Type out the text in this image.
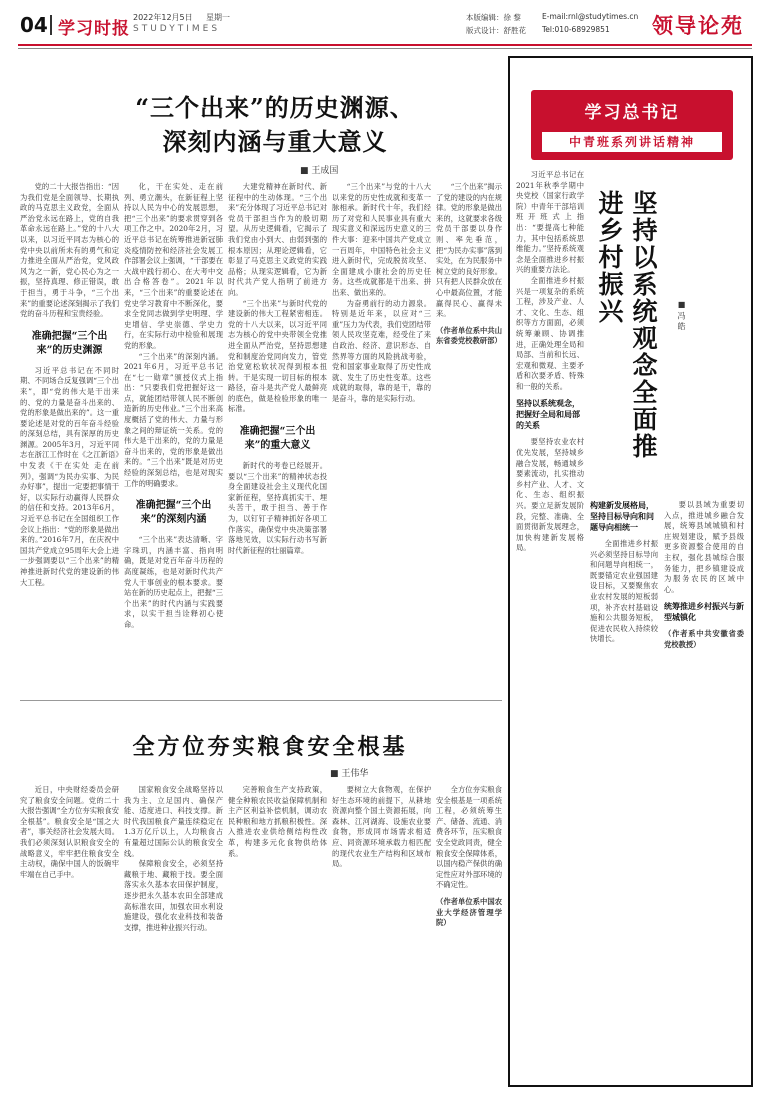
04 学习时报
2022年12月5日 星期一
STUDYTIMES
本版编辑：徐 黎
版式设计：舒胜花
E-mail:rnl@studytimes.cn
Tel:010-68929851 领导论苑
“三个出来”的历史渊源、
深刻内涵与重大意义
■ 王成国

党的二十大报告指出：“因为我们党是全面领导、长期执政的马克思主义政党，全面从严治党永远在路上，党的自我革命永远在路上。”党的十八大以来，以习近平同志为核心的党中央以前所未有的勇气和定力推进全面从严治党，党风政风为之一新，党心民心为之一振，坚持真理、修正错误，敢于担当，勇于斗争，“三个出来”的重要论述深刻揭示了我们党的奋斗历程和宝贵经验。

准确把握“三个出来”的历史渊源

习近平总书记在不同时期、不同场合反复强调“三个出来”，即“党的伟大是干出来的、党的力量是奋斗出来的、党的形象是做出来的”。这一重要论述是对党的百年奋斗经验的深刻总结，具有深厚的历史渊源。2005年3月，习近平同志在浙江工作时在《之江新语》中发表《干在实处 走在前列》，强调“为民办实事、为民办好事”，提出一定要把事情干好，以实际行动赢得人民群众的信任和支持。2013年6月，习近平总书记在全国组织工作会议上指出：“党的形象是做出来的。”2016年7月，在庆祝中国共产党成立95周年大会上进一步强调要以“三个出来”的精神推进新时代党的建设新的伟大工程。

化，干在实处、走在前列、勇立潮头，在新征程上坚持以人民为中心的发展思想，把“三个出来”的要求贯穿到各项工作之中。2020年2月，习近平总书记在统筹推进新冠肺炎疫情防控和经济社会发展工作部署会议上强调，“干部要在大战中践行初心、在大考中交出合格答卷”。2021年以来，“三个出来”的重要论述在党史学习教育中不断深化，要求全党同志做到学史明理、学史增信、学史崇德、学史力行，在实际行动中检验和展现党的形象。

“三个出来”的深刻内涵。2021年6月，习近平总书记在“七一勋章”颁授仪式上指出：“只要我们党把握好这一点，就能团结带领人民不断创造新的历史伟业。”三个出来高度概括了党的伟大、力量与形象之间的辩证统一关系。党的伟大是干出来的，党的力量是奋斗出来的，党的形象是做出来的。“三个出来”既是对历史经验的深刻总结，也是对现实工作的明确要求。

准确把握“三个出来”的深刻内涵

“三个出来”表达清晰、字字珠玑，内涵丰富、指向明确，既是对党百年奋斗历程的高度凝练，也是对新时代共产党人干事创业的根本要求。要站在新的历史起点上，把握“三个出来”的时代内涵与实践要求，以实干担当诠释初心使命。

大建党精神在新时代、新征程中的生动体现。“三个出来”充分体现了习近平总书记对党员干部担当作为的殷切期望。从历史逻辑看，它揭示了我们党由小到大、由弱到强的根本原因；从理论逻辑看，它彰显了马克思主义政党的实践品格；从现实逻辑看，它为新时代共产党人指明了前进方向。

“三个出来”与新时代党的建设新的伟大工程紧密相连。党的十八大以来，以习近平同志为核心的党中央带领全党推进全面从严治党，坚持思想建党和制度治党同向发力，管党治党宽松软状况得到根本扭转。干是实现一切目标的根本路径，奋斗是共产党人最鲜亮的底色，做是检验形象的唯一标准。

准确把握“三个出来”的重大意义

新时代的考卷已经展开。要以“三个出来”的精神状态投身全面建设社会主义现代化国家新征程，坚持真抓实干、埋头苦干，敢于担当、善于作为，以钉钉子精神抓好各项工作落实，确保党中央决策部署落地见效，以实际行动书写新时代新征程的壮丽篇章。

“三个出来”与党的十八大以来党的历史性成就和变革一脉相承。新时代十年，我们经历了对党和人民事业具有重大现实意义和深远历史意义的三件大事：迎来中国共产党成立一百周年，中国特色社会主义进入新时代，完成脱贫攻坚、全面建成小康社会的历史任务。这些成就都是干出来、拼出来、做出来的。

为奋勇前行的动力源泉。特别是近年来，以应对“三重”压力为代表，我们党团结带领人民攻坚克难，经受住了来自政治、经济、意识形态、自然界等方面的风险挑战考验，党和国家事业取得了历史性成就、发生了历史性变革。这些成就的取得，靠的是干，靠的是奋斗，靠的是实际行动。

“三个出来”揭示了党的建设的内在规律。党的形象是做出来的，这就要求各级党员干部要以身作则、率先垂范，把“为民办实事”落到实处，在为民服务中树立党的良好形象。只有把人民群众放在心中最高位置，才能赢得民心、赢得未来。

（作者单位系中共山东省委党校教研部）

全方位夯实粮食安全根基
■ 王伟华

近日，中央财经委员会研究了粮食安全问题。党的二十大报告强调“全方位夯实粮食安全根基”。粮食安全是“国之大者”，事关经济社会发展大局。我们必须深刻认识粮食安全的战略意义，牢牢把住粮食安全主动权，确保中国人的饭碗牢牢端在自己手中。

国家粮食安全战略坚持以我为主、立足国内、确保产能、适度进口、科技支撑。新时代我国粮食产量连续稳定在1.3万亿斤以上，人均粮食占有量超过国际公认的粮食安全线。

保障粮食安全，必须坚持藏粮于地、藏粮于技。要全面落实永久基本农田保护制度，逐步把永久基本农田全部建成高标准农田，加强农田水利设施建设，强化农业科技和装备支撑，推进种业振兴行动。

完善粮食生产支持政策，健全种粮农民收益保障机制和主产区利益补偿机制，调动农民种粮和地方抓粮积极性。深入推进农业供给侧结构性改革，构建多元化食物供给体系。

要树立大食物观，在保护好生态环境的前提下，从耕地资源向整个国土资源拓展，向森林、江河湖海、设施农业要食物，形成同市场需求相适应、同资源环境承载力相匹配的现代农业生产结构和区域布局。

全方位夯实粮食安全根基是一项系统工程，必须统筹生产、储备、流通、消费各环节，压实粮食安全党政同责，健全粮食安全保障体系，以国内稳产保供的确定性应对外部环境的不确定性。

（作者单位系中国农业大学经济管理学院）

学习总书记
中青班系列讲话精神

习近平总书记在2021年秋季学期中央党校（国家行政学院）中青年干部培训班开班式上指出：“要提高七种能力，其中包括系统思维能力。”坚持系统观念是全面推进乡村振兴的重要方法论。

全面推进乡村振兴是一项复杂的系统工程，涉及产业、人才、文化、生态、组织等方方面面，必须统筹兼顾、协调推进，正确处理全局和局部、当前和长远、宏观和微观、主要矛盾和次要矛盾、特殊和一般的关系。

坚持以系统观念，把握好全局和局部的关系

要坚持农业农村优先发展，坚持城乡融合发展，畅通城乡要素流动，扎实推动乡村产业、人才、文化、生态、组织振兴。要立足新发展阶段，完整、准确、全面贯彻新发展理念，加快构建新发展格局。

坚持以系统观念全面推进乡村振兴	■ 冯 皓
构建新发展格局，坚持目标导向和问题导向相统一

全面推进乡村振兴必须坚持目标导向和问题导向相统一，既要锚定农业强国建设目标，又要聚焦农业农村发展的短板弱项，补齐农村基础设施和公共服务短板，促进农民收入持续较快增长。

要以县域为重要切入点，推进城乡融合发展，统筹县域城镇和村庄规划建设，赋予县级更多资源整合使用的自主权，强化县城综合服务能力，把乡镇建设成为服务农民的区域中心。

统筹推进乡村振兴与新型城镇化

（作者系中共安徽省委党校教授）
